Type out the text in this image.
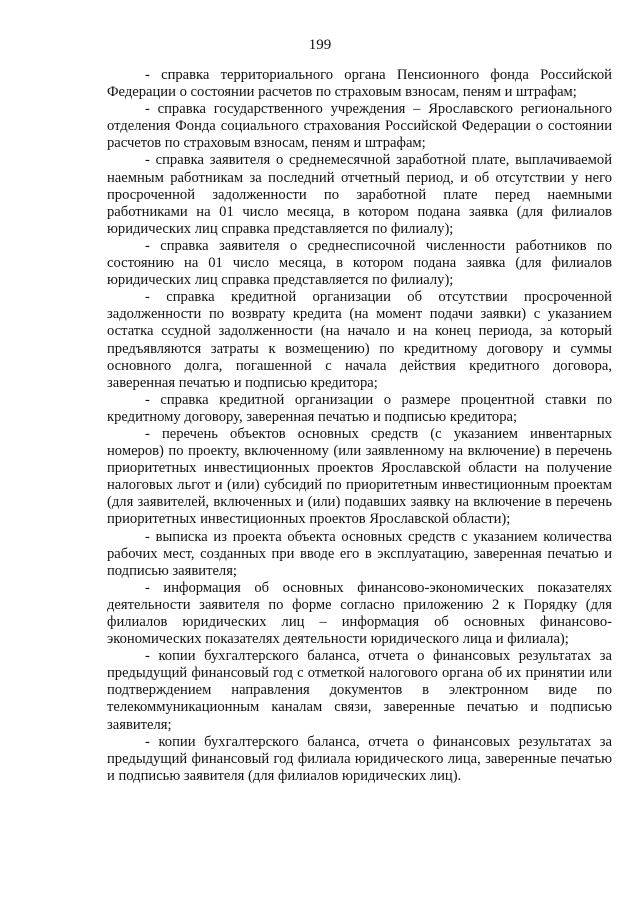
199

- справка территориального органа Пенсионного фонда Российской Федерации о состоянии расчетов по страховым взносам, пеням и штрафам;

- справка государственного учреждения – Ярославского регионального отделения Фонда социального страхования Российской Федерации о состоянии расчетов по страховым взносам, пеням и штрафам;

- справка заявителя о среднемесячной заработной плате, выплачиваемой наемным работникам за последний отчетный период, и об отсутствии у него просроченной задолженности по заработной плате перед наемными работниками на 01 число месяца, в котором подана заявка (для филиалов юридических лиц справка представляется по филиалу);

- справка заявителя о среднесписочной численности работников по состоянию на 01 число месяца, в котором подана заявка (для филиалов юридических лиц справка представляется по филиалу);

- справка кредитной организации об отсутствии просроченной задолженности по возврату кредита (на момент подачи заявки) с указанием остатка ссудной задолженности (на начало и на конец периода, за который предъявляются затраты к возмещению) по кредитному договору и суммы основного долга, погашенной с начала действия кредитного договора, заверенная печатью и подписью кредитора;

- справка кредитной организации о размере процентной ставки по кредитному договору, заверенная печатью и подписью кредитора;

- перечень объектов основных средств (с указанием инвентарных номеров) по проекту, включенному (или заявленному на включение) в перечень приоритетных инвестиционных проектов Ярославской области на получение налоговых льгот и (или) субсидий по приоритетным инвестиционным проектам (для заявителей, включенных и (или) подавших заявку на включение в перечень приоритетных инвестиционных проектов Ярославской области);

- выписка из проекта объекта основных средств с указанием количества рабочих мест, созданных при вводе его в эксплуатацию, заверенная печатью и подписью заявителя;

- информация об основных финансово-экономических показателях деятельности заявителя по форме согласно приложению 2 к Порядку (для филиалов юридических лиц – информация об основных финансово-экономических показателях деятельности юридического лица и филиала);

- копии бухгалтерского баланса, отчета о финансовых результатах за предыдущий финансовый год с отметкой налогового органа об их принятии или подтверждением направления документов в электронном виде по телекоммуникационным каналам связи, заверенные печатью и подписью заявителя;

- копии бухгалтерского баланса, отчета о финансовых результатах за предыдущий финансовый год филиала юридического лица, заверенные печатью и подписью заявителя (для филиалов юридических лиц).
